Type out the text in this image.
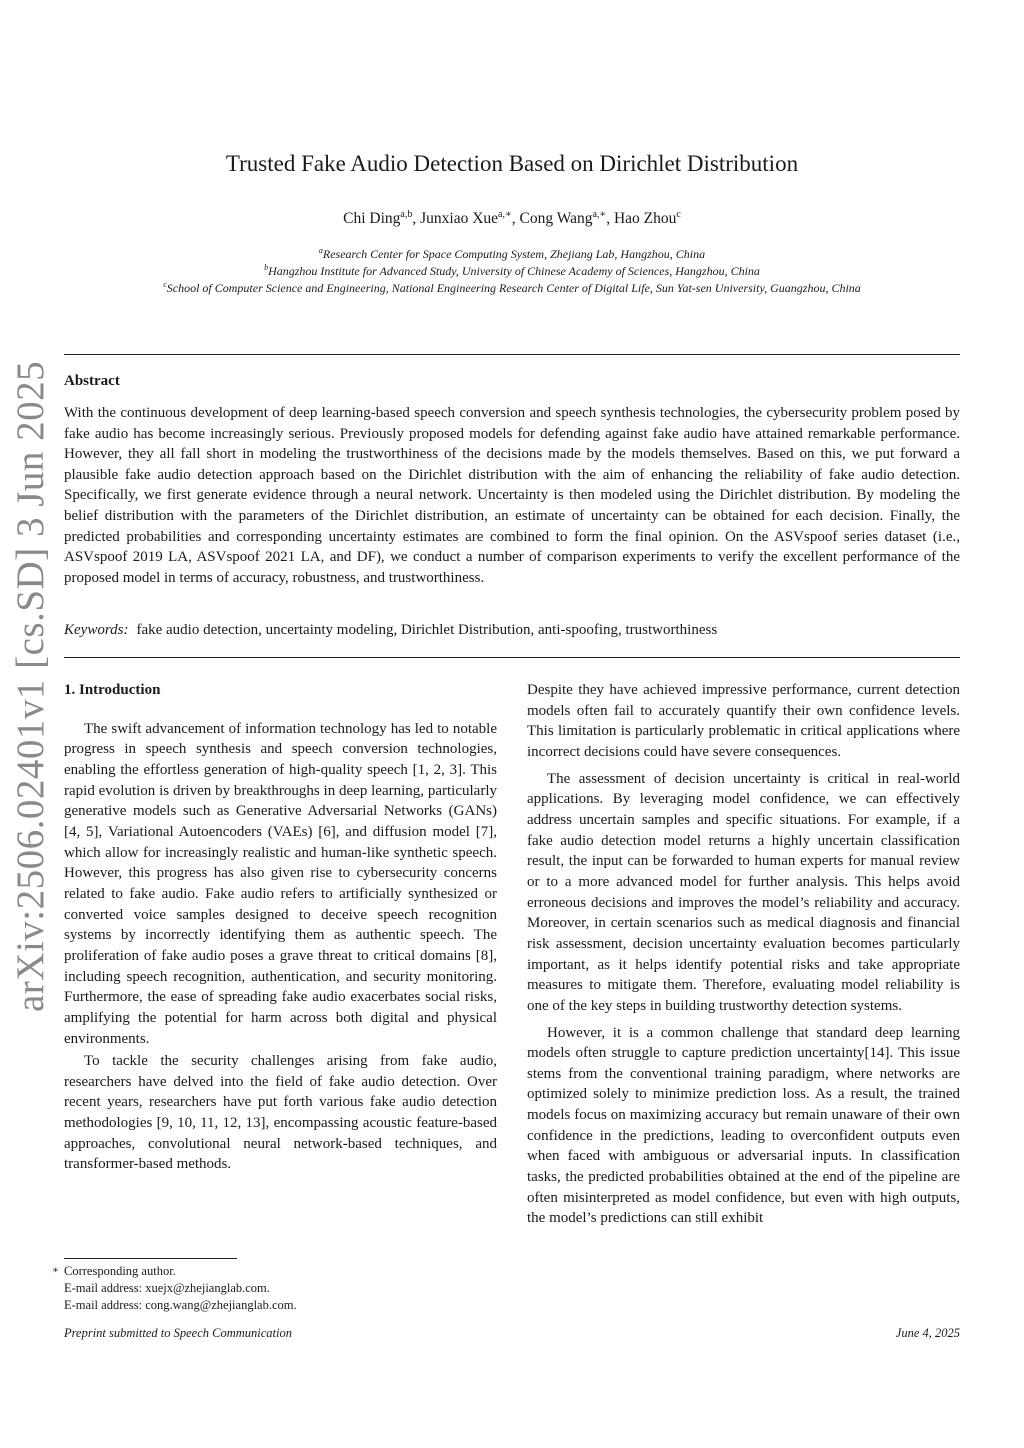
arXiv:2506.02401v1 [cs.SD] 3 Jun 2025
Trusted Fake Audio Detection Based on Dirichlet Distribution
Chi Ding$^{a,b}$, Junxiao Xue$^{a,∗}$, Cong Wang$^{a,∗}$, Hao Zhou$^c$
$^a$Research Center for Space Computing System, Zhejiang Lab, Hangzhou, China
$^b$Hangzhou Institute for Advanced Study, University of Chinese Academy of Sciences, Hangzhou, China
$^c$School of Computer Science and Engineering, National Engineering Research Center of Digital Life, Sun Yat-sen University, Guangzhou, China
Abstract
With the continuous development of deep learning-based speech conversion and speech synthesis technologies, the cybersecurity problem posed by fake audio has become increasingly serious. Previously proposed models for defending against fake audio have attained remarkable performance. However, they all fall short in modeling the trustworthiness of the decisions made by the models themselves. Based on this, we put forward a plausible fake audio detection approach based on the Dirichlet distribution with the aim of enhancing the reliability of fake audio detection. Specifically, we first generate evidence through a neural network. Uncertainty is then modeled using the Dirichlet distribution. By modeling the belief distribution with the parameters of the Dirichlet distribution, an estimate of uncertainty can be obtained for each decision. Finally, the predicted probabilities and corresponding uncertainty estimates are combined to form the final opinion. On the ASVspoof series dataset (i.e., ASVspoof 2019 LA, ASVspoof 2021 LA, and DF), we conduct a number of comparison experiments to verify the excellent performance of the proposed model in terms of accuracy, robustness, and trustworthiness.
Keywords: fake audio detection, uncertainty modeling, Dirichlet Distribution, anti-spoofing, trustworthiness

1. Introduction

The swift advancement of information technology has led to notable progress in speech synthesis and speech conversion technologies, enabling the effortless generation of high-quality speech [1, 2, 3]. This rapid evolution is driven by breakthroughs in deep learning, particularly generative models such as Generative Adversarial Networks (GANs) [4, 5], Variational Autoencoders (VAEs) [6], and diffusion model [7], which allow for increasingly realistic and human-like synthetic speech. However, this progress has also given rise to cybersecurity concerns related to fake audio. Fake audio refers to artificially synthesized or converted voice samples designed to deceive speech recognition systems by incorrectly identifying them as authentic speech. The proliferation of fake audio poses a grave threat to critical domains [8], including speech recognition, authentication, and security monitoring. Furthermore, the ease of spreading fake audio exacerbates social risks, amplifying the potential for harm across both digital and physical environments.

To tackle the security challenges arising from fake audio, researchers have delved into the field of fake audio detection. Over recent years, researchers have put forth various fake audio detection methodologies [9, 10, 11, 12, 13], encompassing acoustic feature-based approaches, convolutional neural network-based techniques, and transformer-based methods.

Despite they have achieved impressive performance, current detection models often fail to accurately quantify their own confidence levels. This limitation is particularly problematic in critical applications where incorrect decisions could have severe consequences.

The assessment of decision uncertainty is critical in real-world applications. By leveraging model confidence, we can effectively address uncertain samples and specific situations. For example, if a fake audio detection model returns a highly uncertain classification result, the input can be forwarded to human experts for manual review or to a more advanced model for further analysis. This helps avoid erroneous decisions and improves the model’s reliability and accuracy. Moreover, in certain scenarios such as medical diagnosis and financial risk assessment, decision uncertainty evaluation becomes particularly important, as it helps identify potential risks and take appropriate measures to mitigate them. Therefore, evaluating model reliability is one of the key steps in building trustworthy detection systems.

However, it is a common challenge that standard deep learning models often struggle to capture prediction uncertainty[14]. This issue stems from the conventional training paradigm, where networks are optimized solely to minimize prediction loss. As a result, the trained models focus on maximizing accuracy but remain unaware of their own confidence in the predictions, leading to overconfident outputs even when faced with ambiguous or adversarial inputs. In classification tasks, the predicted probabilities obtained at the end of the pipeline are often misinterpreted as model confidence, but even with high outputs, the model’s predictions can still exhibit

∗ Corresponding author.
E-mail address: xuejx@zhejianglab.com.
E-mail address: cong.wang@zhejianglab.com.
Preprint submitted to Speech Communication	June 4, 2025
